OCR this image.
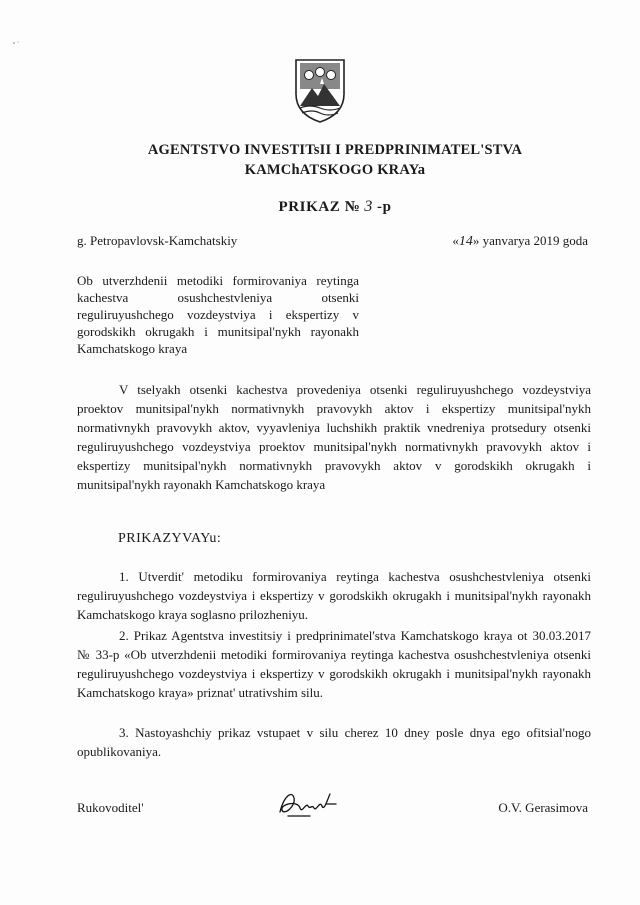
AGENTSTVO INVESTITsII I PREDPRINIMATEL'STVA
KAMChATSKOGO KRAYa
PRIKAZ № 3 -p
g. Petropavlovsk-Kamchatskiy	«14» yanvarya 2019 goda
Ob utverzhdenii metodiki formirovaniya reytinga kachestva osushchestvleniya otsenki reguliruyushchego vozdeystviya i ekspertizy v gorodskikh okrugakh i munitsipal'nykh rayonakh Kamchatskogo kraya
V tselyakh otsenki kachestva provedeniya otsenki reguliruyushchego vozdeystviya proektov munitsipal'nykh normativnykh pravovykh aktov i ekspertizy munitsipal'nykh normativnykh pravovykh aktov, vyyavleniya luchshikh praktik vnedreniya protsedury otsenki reguliruyushchego vozdeystviya proektov munitsipal'nykh normativnykh pravovykh aktov i ekspertizy munitsipal'nykh normativnykh pravovykh aktov v gorodskikh okrugakh i munitsipal'nykh rayonakh Kamchatskogo kraya
PRIKAZYVAYu:
1. Utverdit' metodiku formirovaniya reytinga kachestva osushchestvleniya otsenki reguliruyushchego vozdeystviya i ekspertizy v gorodskikh okrugakh i munitsipal'nykh rayonakh Kamchatskogo kraya soglasno prilozheniyu.
2. Prikaz Agentstva investitsiy i predprinimatel'stva Kamchatskogo kraya ot 30.03.2017 № 33-p «Ob utverzhdenii metodiki formirovaniya reytinga kachestva osushchestvleniya otsenki reguliruyushchego vozdeystviya i ekspertizy v gorodskikh okrugakh i munitsipal'nykh rayonakh Kamchatskogo kraya» priznat' utrativshim silu.
3. Nastoyashchiy prikaz vstupaet v silu cherez 10 dney posle dnya ego ofitsial'nogo opublikovaniya.
Rukovoditel'	O.V. Gerasimova
